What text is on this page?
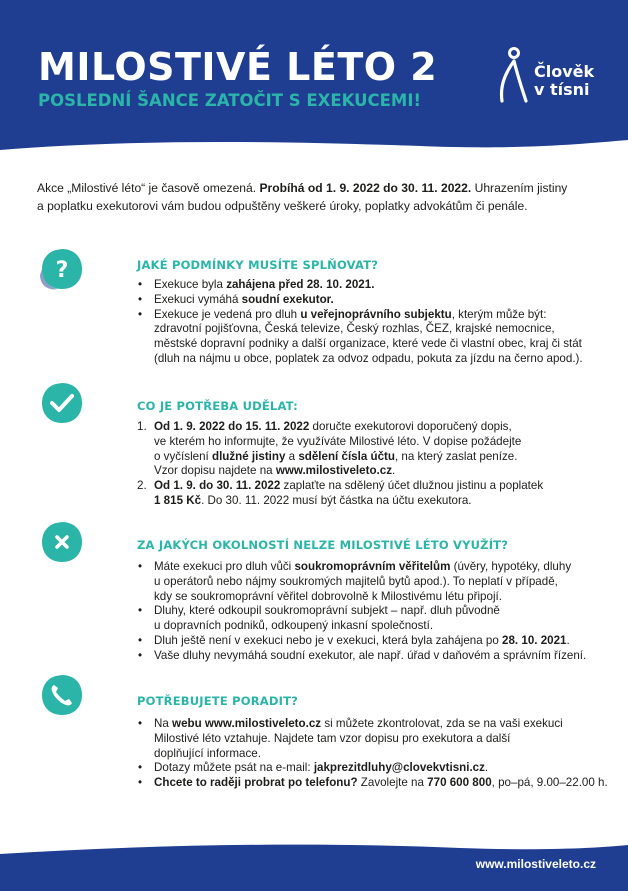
MILOSTIVÉ LÉTO 2
POSLEDNÍ ŠANCE ZATOČIT S EXEKUCEMI!
Člověk
v tísni
Akce „Milostivé léto“ je časově omezená. Probíhá od 1. 9. 2022 do 30. 11. 2022. Uhrazením jistiny
a poplatku exekutorovi vám budou odpuštěny veškeré úroky, poplatky advokátům či penále.
?	JAKÉ PODMÍNKY MUSÍTE SPLŇOVAT?
• Exekuce byla zahájena před 28. 10. 2021.
• Exekuci vymáhá soudní exekutor.
• Exekuce je vedená pro dluh u veřejnoprávního subjektu, kterým může být:
zdravotní pojišťovna, Česká televize, Český rozhlas, ČEZ, krajské nemocnice,
městské dopravní podniky a další organizace, které vede či vlastní obec, kraj či stát
(dluh na nájmu u obce, poplatek za odvoz odpadu, pokuta za jízdu na černo apod.).
CO JE POTŘEBA UDĚLAT:
1. Od 1. 9. 2022 do 15. 11. 2022 doručte exekutorovi doporučený dopis,
ve kterém ho informujte, že využíváte Milostivé léto. V dopise požádejte
o vyčíslení dlužné jistiny a sdělení čísla účtu, na který zaslat peníze.
Vzor dopisu najdete na www.milostiveleto.cz.
2. Od 1. 9. do 30. 11. 2022 zaplaťte na sdělený účet dlužnou jistinu a poplatek
1 815 Kč. Do 30. 11. 2022 musí být částka na účtu exekutora.
ZA JAKÝCH OKOLNOSTÍ NELZE MILOSTIVÉ LÉTO VYUŽÍT?
• Máte exekuci pro dluh vůči soukromoprávním věřitelům (úvěry, hypotéky, dluhy
u operátorů nebo nájmy soukromých majitelů bytů apod.). To neplatí v případě,
kdy se soukromoprávní věřitel dobrovolně k Milostivému létu připojí.
• Dluhy, které odkoupil soukromoprávní subjekt – např. dluh původně
u dopravních podniků, odkoupený inkasní společností.
• Dluh ještě není v exekuci nebo je v exekuci, která byla zahájena po 28. 10. 2021.
• Vaše dluhy nevymáhá soudní exekutor, ale např. úřad v daňovém a správním řízení.
POTŘEBUJETE PORADIT?
• Na webu www.milostiveleto.cz si můžete zkontrolovat, zda se na vaši exekuci
Milostivé léto vztahuje. Najdete tam vzor dopisu pro exekutora a další
doplňující informace.
• Dotazy můžete psát na e-mail: jakprezitdluhy@clovekvtisni.cz.
• Chcete to raději probrat po telefonu? Zavolejte na 770 600 800, po–pá, 9.00–22.00 h.
www.milostiveleto.cz
